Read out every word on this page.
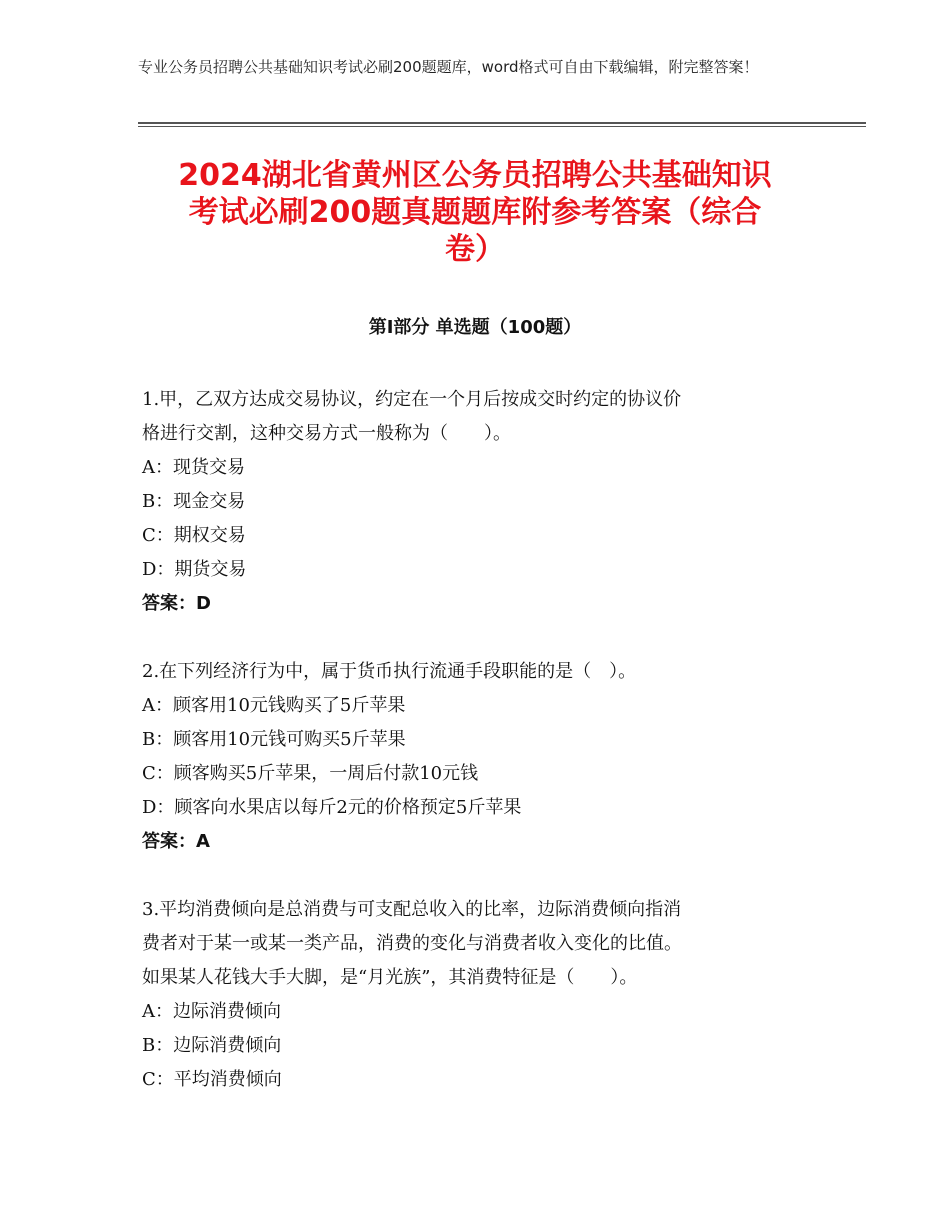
专业公务员招聘公共基础知识考试必刷200题题库，word格式可自由下载编辑，附完整答案！
2024湖北省黄州区公务员招聘公共基础知识
考试必刷200题真题题库附参考答案（综合
卷）
第Ⅰ部分 单选题（100题）
1.甲，乙双方达成交易协议，约定在一个月后按成交时约定的协议价
格进行交割，这种交易方式一般称为（　　）。
A：现货交易
B：现金交易
C：期权交易
D：期货交易
答案：D
2.在下列经济行为中，属于货币执行流通手段职能的是（　）。
A：顾客用10元钱购买了5斤苹果
B：顾客用10元钱可购买5斤苹果
C：顾客购买5斤苹果，一周后付款10元钱
D：顾客向水果店以每斤2元的价格预定5斤苹果
答案：A
3.平均消费倾向是总消费与可支配总收入的比率，边际消费倾向指消
费者对于某一或某一类产品，消费的变化与消费者收入变化的比值。
如果某人花钱大手大脚，是“月光族”，其消费特征是（　　）。
A：边际消费倾向
B：边际消费倾向
C：平均消费倾向
